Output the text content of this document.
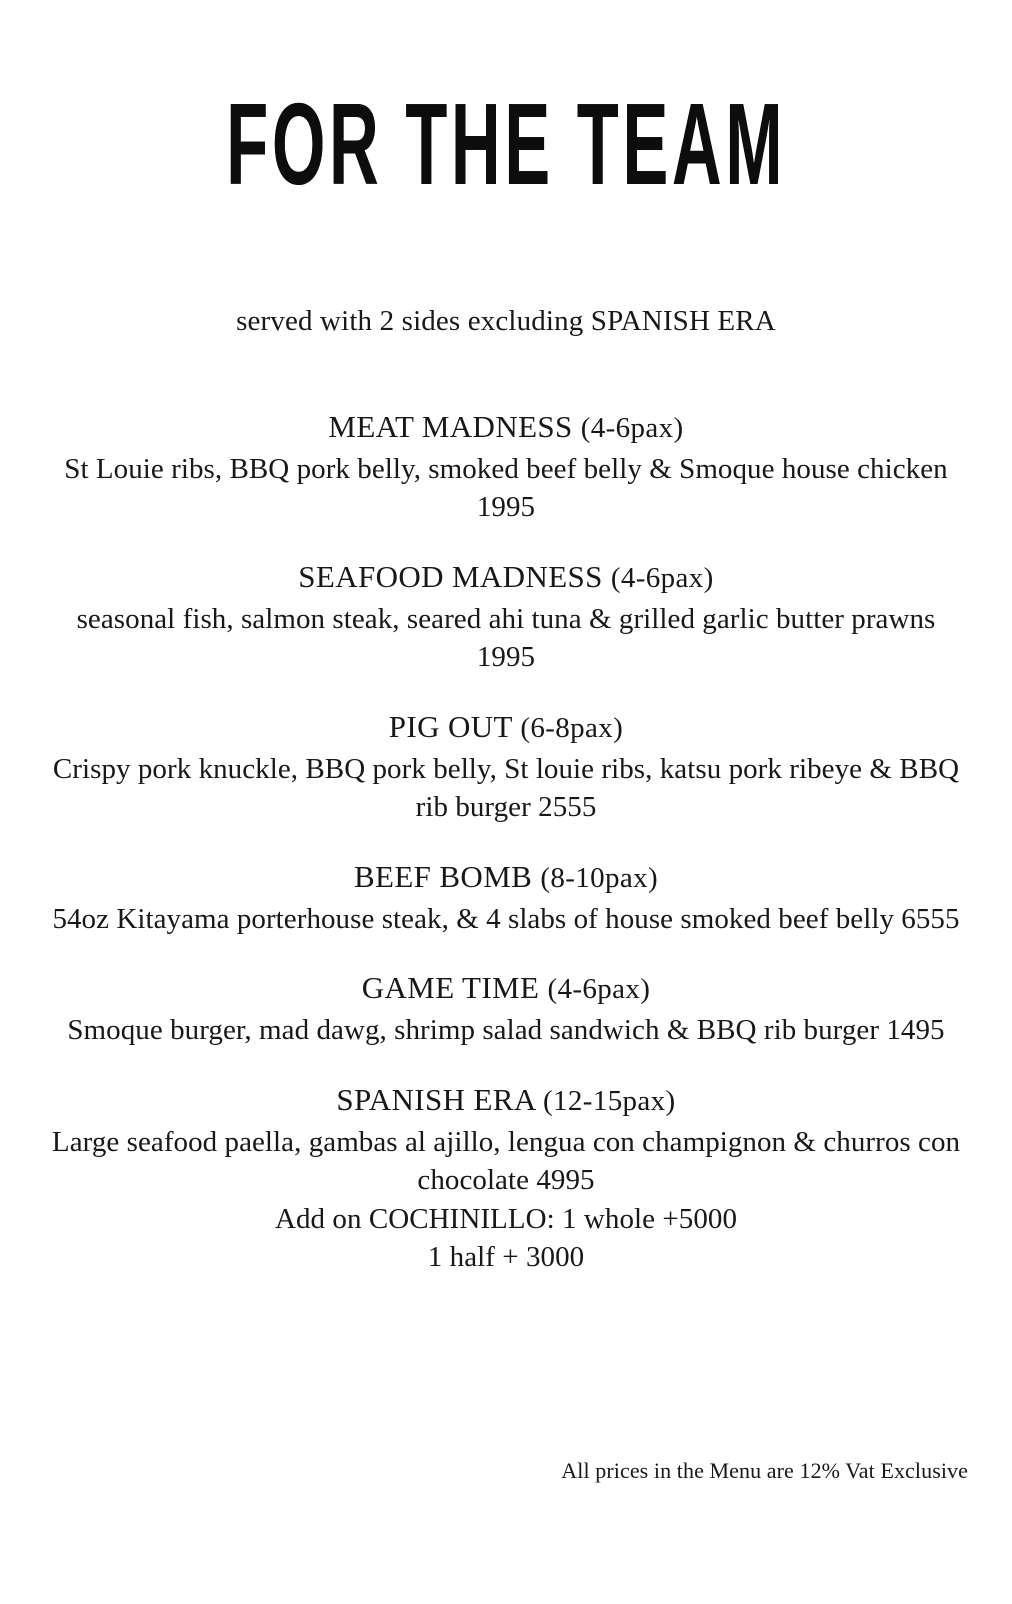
FOR THE TEAM
served with 2 sides excluding SPANISH ERA
MEAT MADNESS (4-6pax)
St Louie ribs, BBQ pork belly, smoked beef belly & Smoque house chicken 1995
SEAFOOD MADNESS (4-6pax)
seasonal fish, salmon steak, seared ahi tuna & grilled garlic butter prawns 1995
PIG OUT (6-8pax)
Crispy pork knuckle, BBQ pork belly, St louie ribs, katsu pork ribeye & BBQ rib burger 2555
BEEF BOMB (8-10pax)
54oz Kitayama porterhouse steak, & 4 slabs of house smoked beef belly 6555
GAME TIME (4-6pax)
Smoque burger, mad dawg, shrimp salad sandwich & BBQ rib burger 1495
SPANISH ERA (12-15pax)
Large seafood paella, gambas al ajillo, lengua con champignon & churros con chocolate 4995
Add on COCHINILLO: 1 whole +5000
1 half + 3000
All prices in the Menu are 12% Vat Exclusive
